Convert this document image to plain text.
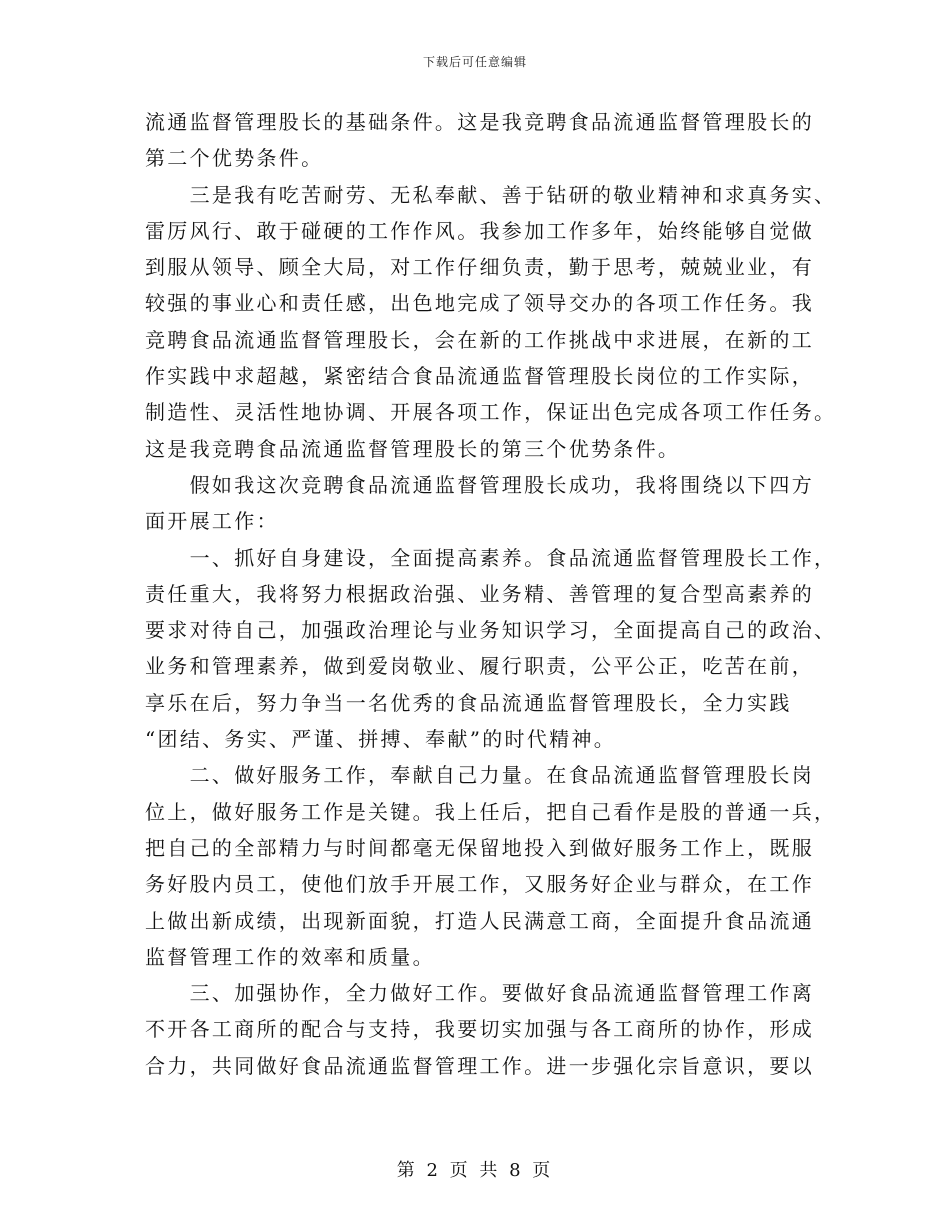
下载后可任意编辑
流通监督管理股长的基础条件。这是我竞聘食品流通监督管理股长的
第二个优势条件。
　　三是我有吃苦耐劳、无私奉献、善于钻研的敬业精神和求真务实、
雷厉风行、敢于碰硬的工作作风。我参加工作多年，始终能够自觉做
到服从领导、顾全大局，对工作仔细负责，勤于思考，兢兢业业，有
较强的事业心和责任感，出色地完成了领导交办的各项工作任务。我
竞聘食品流通监督管理股长，会在新的工作挑战中求进展，在新的工
作实践中求超越，紧密结合食品流通监督管理股长岗位的工作实际，
制造性、灵活性地协调、开展各项工作，保证出色完成各项工作任务。
这是我竞聘食品流通监督管理股长的第三个优势条件。
　　假如我这次竞聘食品流通监督管理股长成功，我将围绕以下四方
面开展工作：
　　一、抓好自身建设，全面提高素养。食品流通监督管理股长工作，
责任重大，我将努力根据政治强、业务精、善管理的复合型高素养的
要求对待自己，加强政治理论与业务知识学习，全面提高自己的政治、
业务和管理素养，做到爱岗敬业、履行职责，公平公正，吃苦在前，
享乐在后，努力争当一名优秀的食品流通监督管理股长，全力实践
“团结、务实、严谨、拼搏、奉献”的时代精神。
　　二、做好服务工作，奉献自己力量。在食品流通监督管理股长岗
位上，做好服务工作是关键。我上任后，把自己看作是股的普通一兵，
把自己的全部精力与时间都毫无保留地投入到做好服务工作上，既服
务好股内员工，使他们放手开展工作，又服务好企业与群众，在工作
上做出新成绩，出现新面貌，打造人民满意工商，全面提升食品流通
监督管理工作的效率和质量。
　　三、加强协作，全力做好工作。要做好食品流通监督管理工作离
不开各工商所的配合与支持，我要切实加强与各工商所的协作，形成
合力，共同做好食品流通监督管理工作。进一步强化宗旨意识，要以
第 2 页 共 8 页
